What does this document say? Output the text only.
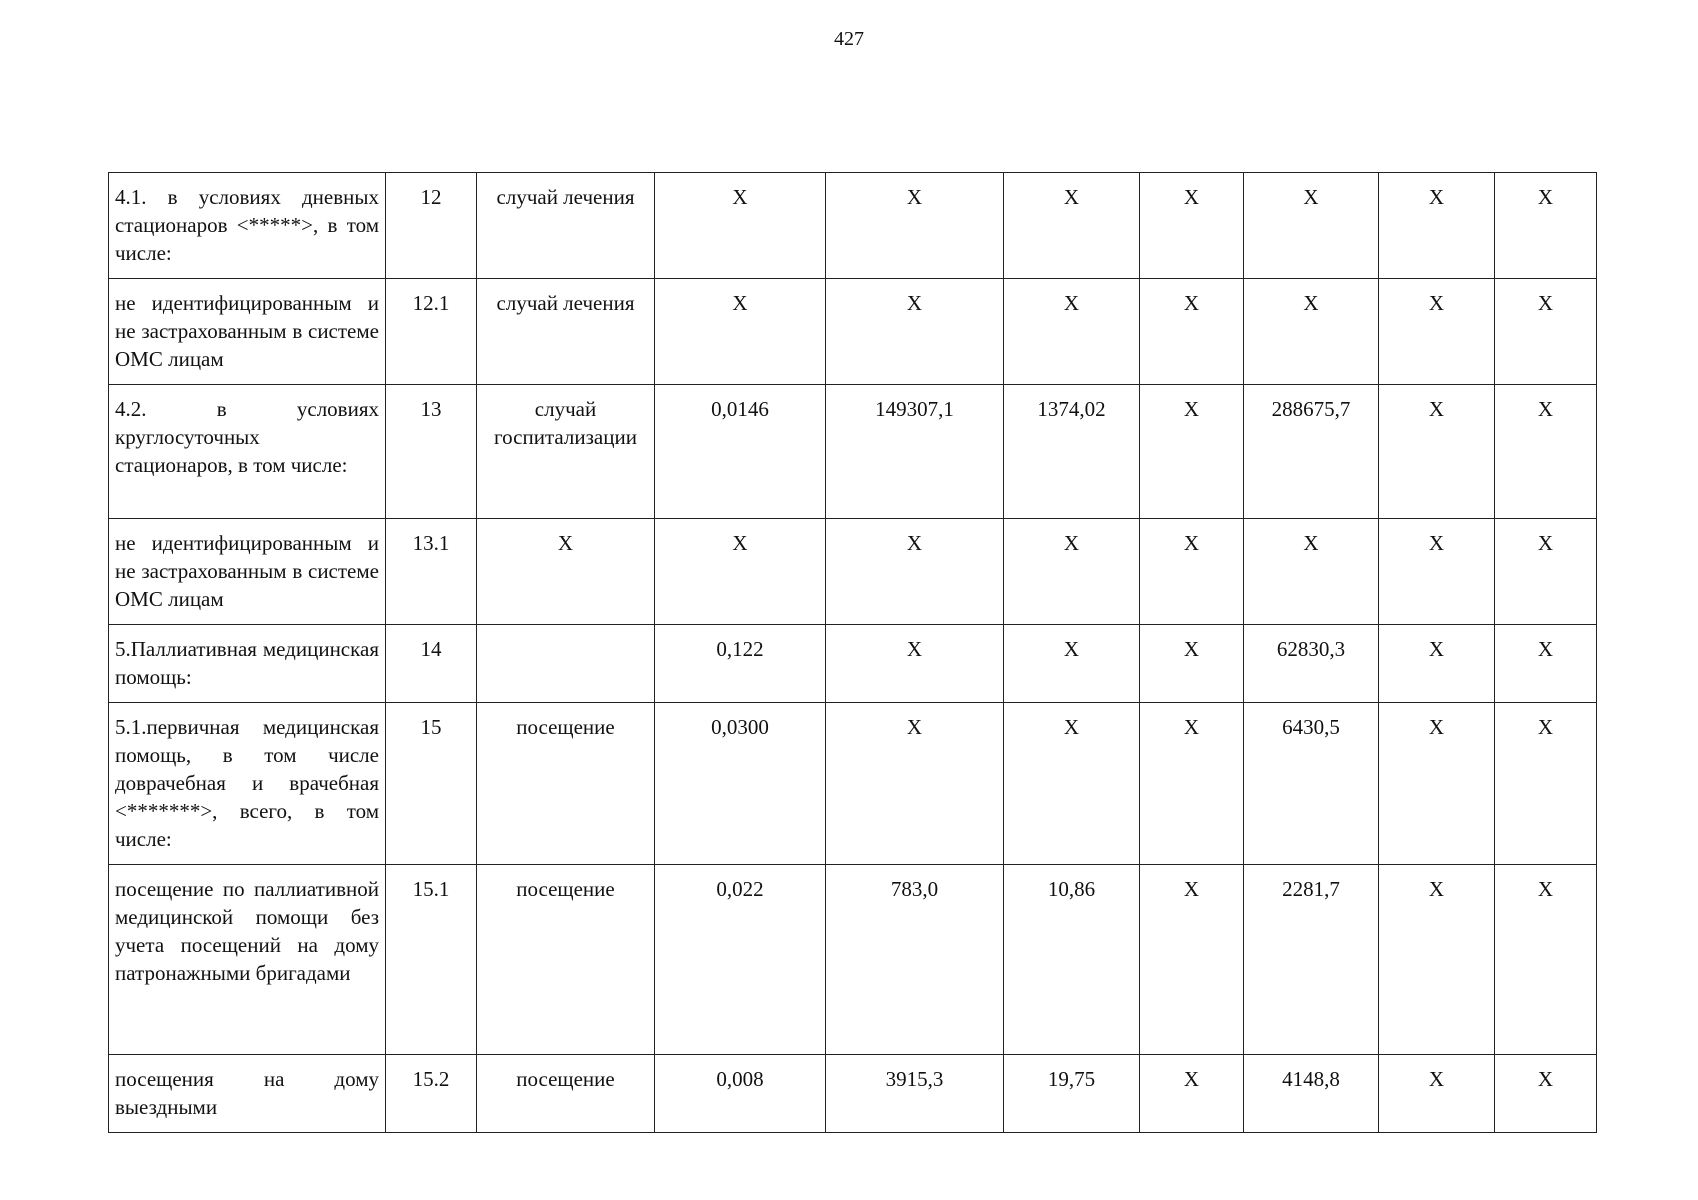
427
4.1. в условиях дневных стационаров <*****>, в том числе:	12	случай лечения	X	X	X	X	X	X	X
не идентифицированным и не застрахованным в системе ОМС лицам	12.1	случай лечения	X	X	X	X	X	X	X
4.2. в условиях круглосуточных стационаров, в том числе:	13	случай госпитализации	0,0146	149307,1	1374,02	X	288675,7	X	X
не идентифицированным и не застрахованным в системе ОМС лицам	13.1	X	X	X	X	X	X	X	X
5.Паллиативная медицинская помощь:	14		0,122	X	X	X	62830,3	X	X
5.1.первичная медицинская помощь, в том числе доврачебная и врачебная <*******>, всего, в том числе:	15	посещение	0,0300	X	X	X	6430,5	X	X
посещение по паллиативной медицинской помощи без учета посещений на дому патронажными бригадами	15.1	посещение	0,022	783,0	10,86	X	2281,7	X	X
посещения на дому выездными	15.2	посещение	0,008	3915,3	19,75	X	4148,8	X	X
